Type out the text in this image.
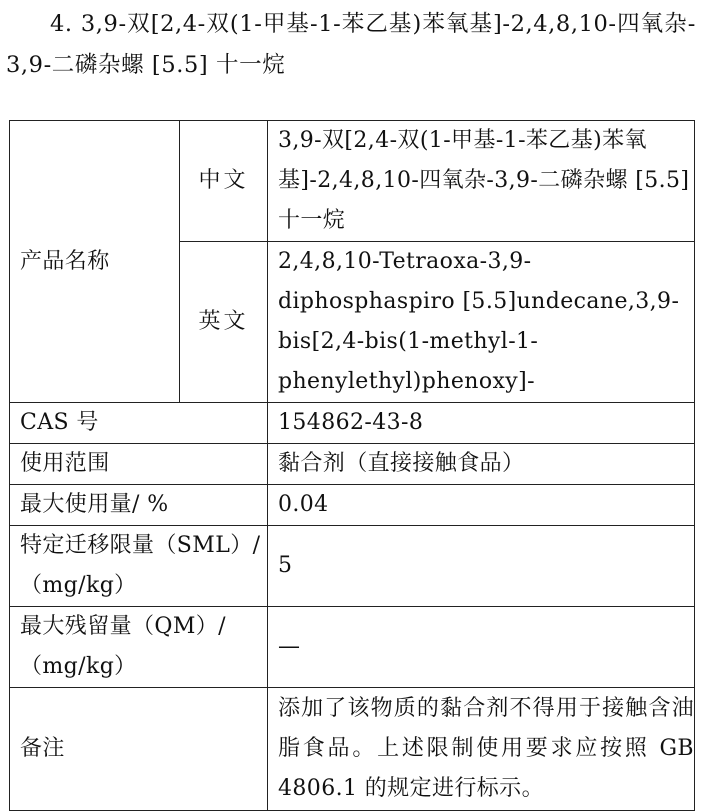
4. 3,9-双[2,4-双(1-甲基-1-苯乙基)苯氧基]-2,4,8,10-四氧杂-3,9-二磷杂螺 [5.5] 十一烷

产品名称	中文	3,9-双[2,4-双(1-甲基-1-苯乙基)苯氧基]-2,4,8,10-四氧杂-3,9-二磷杂螺 [5.5] 十一烷
	英文	2,4,8,10-Tetraoxa-3,9-diphosphaspiro [5.5]undecane,3,9-bis[2,4-bis(1-methyl-1-phenylethyl)phenoxy]-
CAS 号		154862-43-8
使用范围		黏合剂（直接接触食品）
最大使用量/ %		0.04
特定迁移限量（SML）/（mg/kg）		5
最大残留量（QM）/（mg/kg）		—
备注		添加了该物质的黏合剂不得用于接触含油脂食品。上述限制使用要求应按照 GB 4806.1 的规定进行标示。
